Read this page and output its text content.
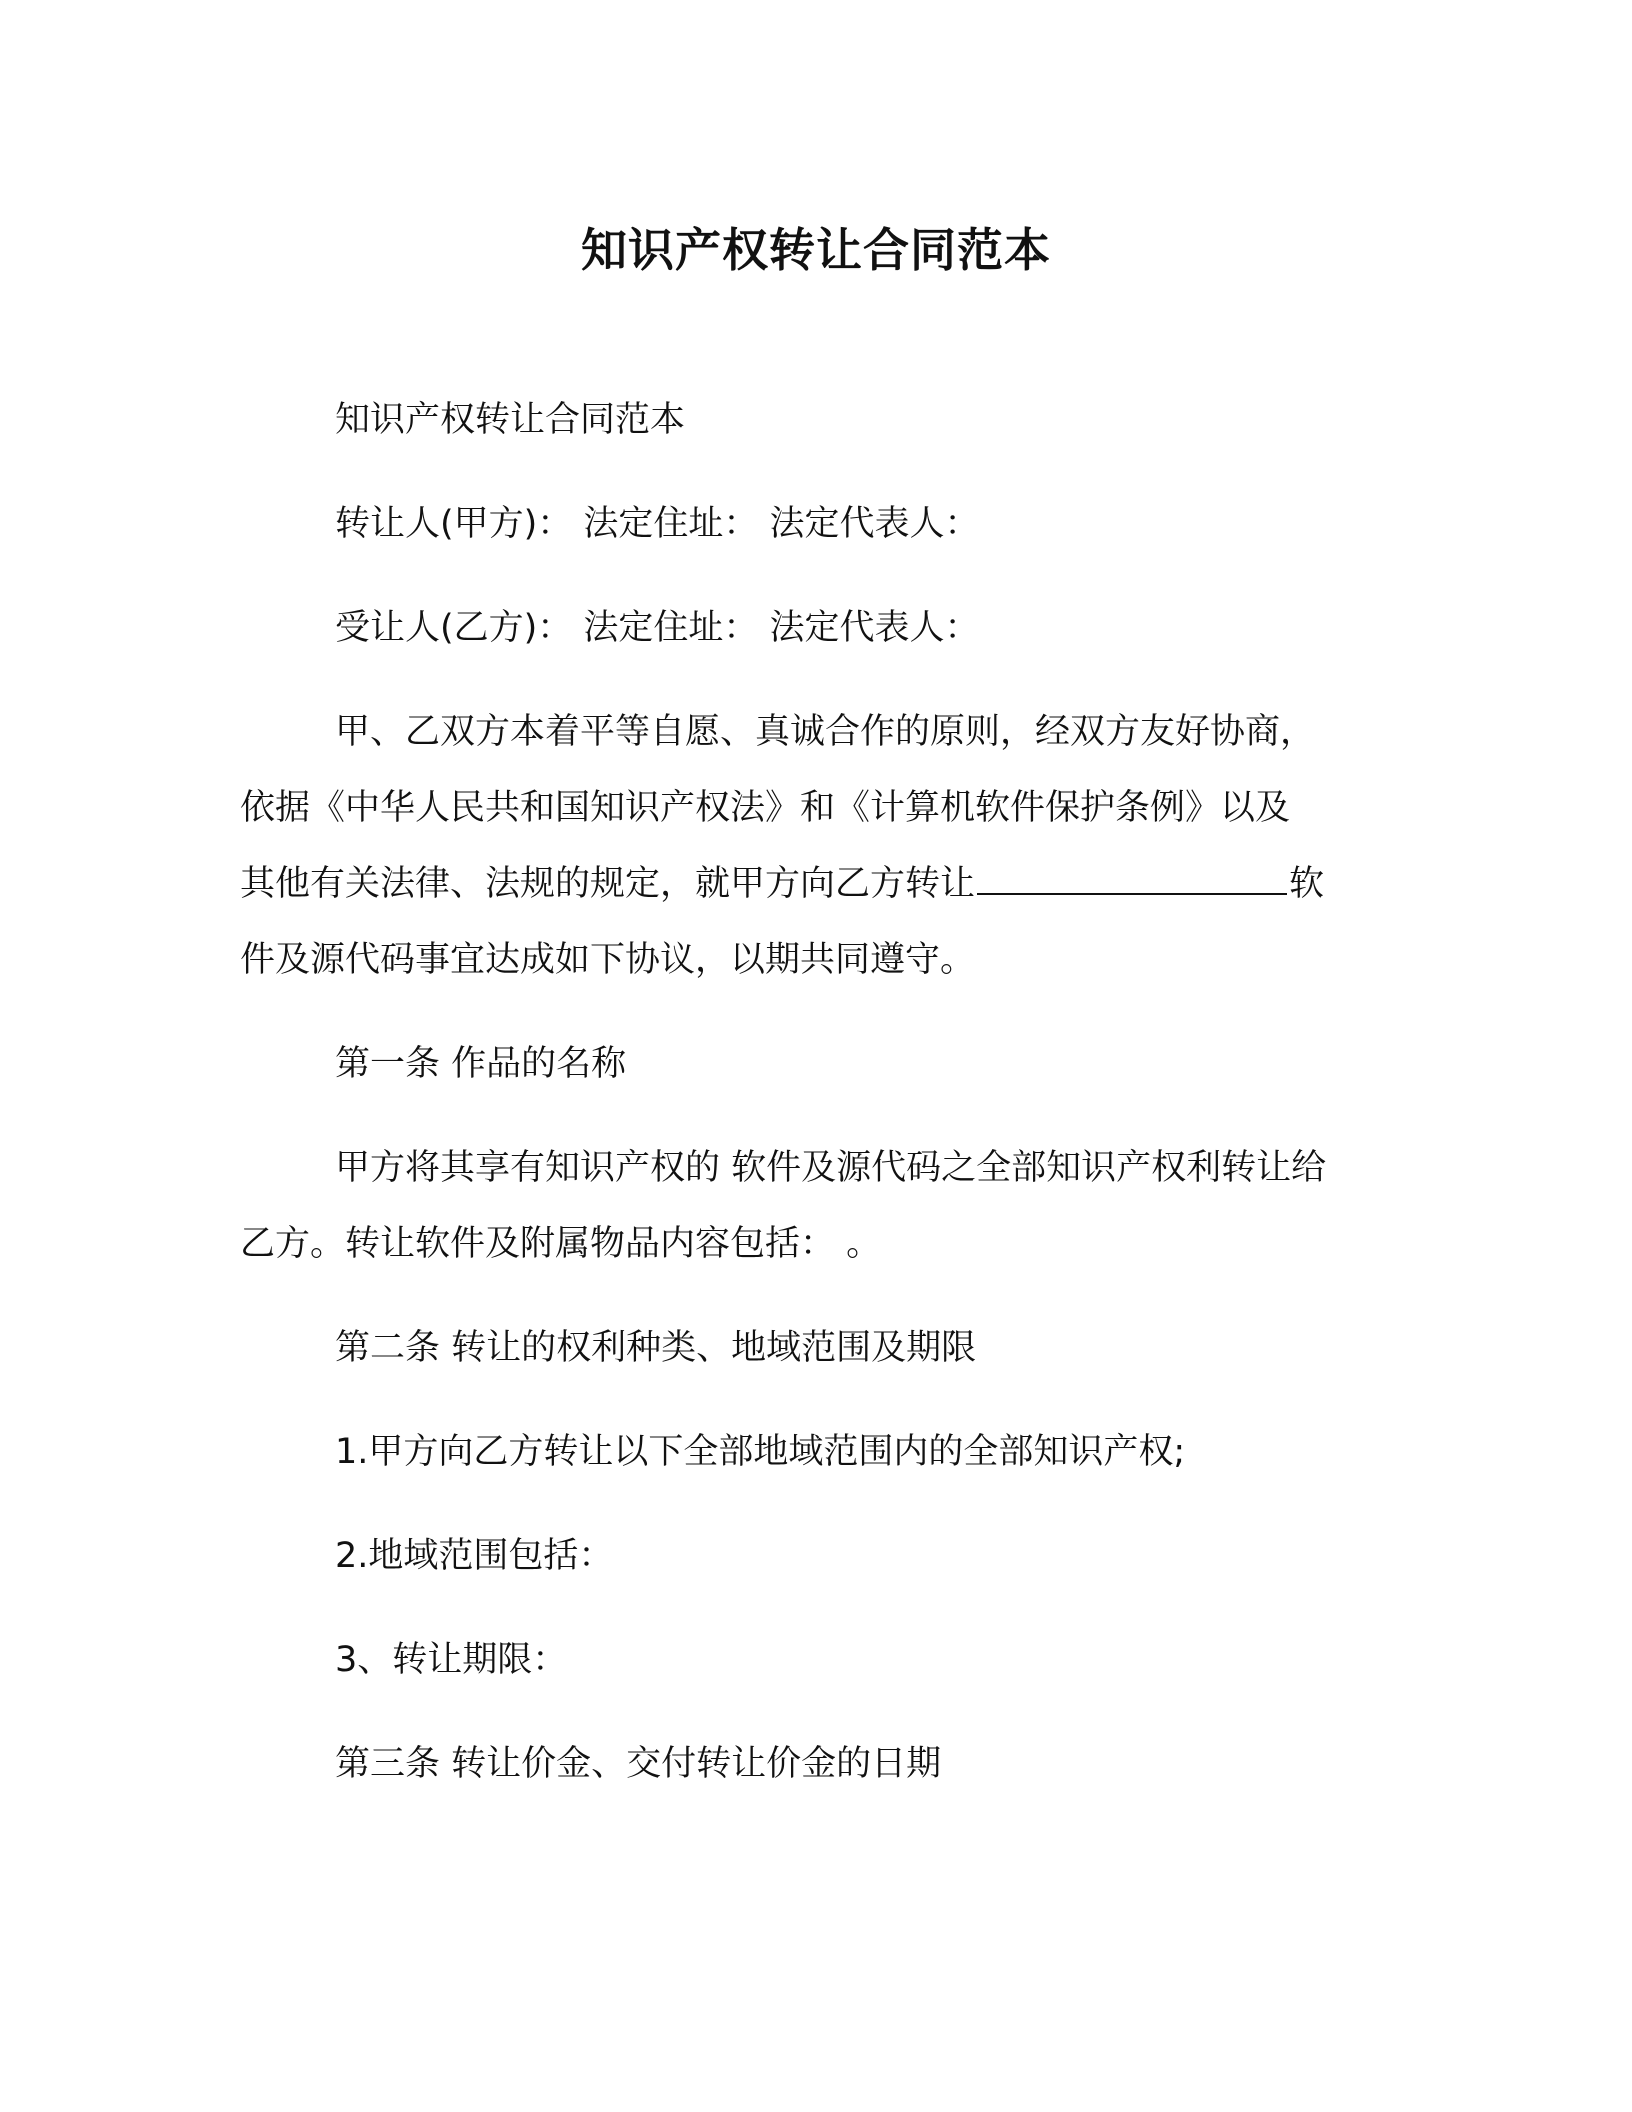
知识产权转让合同范本
知识产权转让合同范本
转让人(甲方)： 法定住址： 法定代表人：
受让人(乙方)： 法定住址： 法定代表人：
甲、乙双方本着平等自愿、真诚合作的原则，经双方友好协商，
依据《中华人民共和国知识产权法》和《计算机软件保护条例》以及
其他有关法律、法规的规定，就甲方向乙方转让	软
件及源代码事宜达成如下协议，以期共同遵守。
第一条 作品的名称
甲方将其享有知识产权的 软件及源代码之全部知识产权利转让给
乙方。转让软件及附属物品内容包括： 。
第二条 转让的权利种类、地域范围及期限
1.甲方向乙方转让以下全部地域范围内的全部知识产权;
2.地域范围包括：
3、转让期限：
第三条 转让价金、交付转让价金的日期
